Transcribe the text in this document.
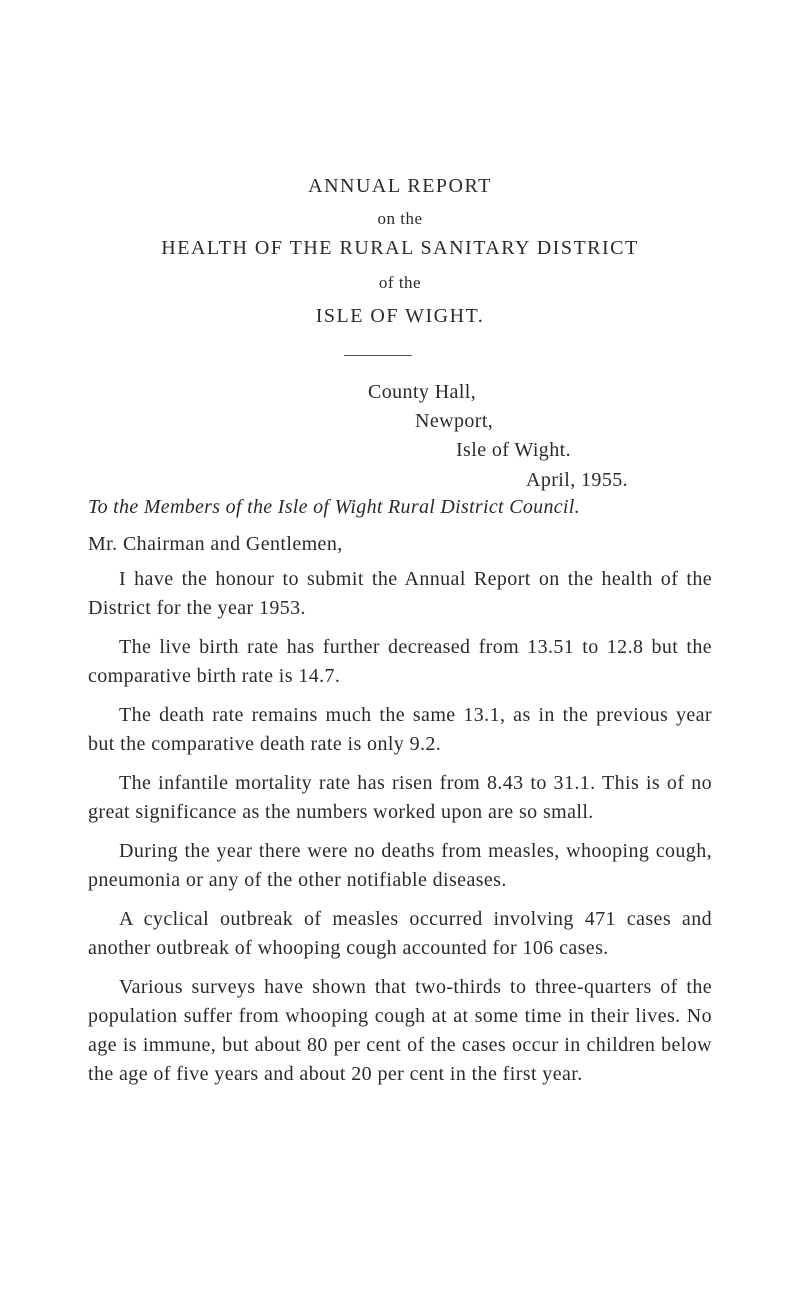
ANNUAL REPORT
on the
HEALTH OF THE RURAL SANITARY DISTRICT
of the
ISLE OF WIGHT.
County Hall,
Newport,
Isle of Wight.
April, 1955.
To the Members of the Isle of Wight Rural District Council.
Mr. Chairman and Gentlemen,

I have the honour to submit the Annual Report on the health of the District for the year 1953.

The live birth rate has further decreased from 13.51 to 12.8 but the comparative birth rate is 14.7.

The death rate remains much the same 13.1, as in the previous year but the comparative death rate is only 9.2.

The infantile mortality rate has risen from 8.43 to 31.1. This is of no great significance as the numbers worked upon are so small.

During the year there were no deaths from measles, whooping cough, pneumonia or any of the other notifiable diseases.

A cyclical outbreak of measles occurred involving 471 cases and another outbreak of whooping cough accounted for 106 cases.

Various surveys have shown that two-thirds to three-quarters of the population suffer from whooping cough at at some time in their lives. No age is immune, but about 80 per cent of the cases occur in children below the age of five years and about 20 per cent in the first year.
